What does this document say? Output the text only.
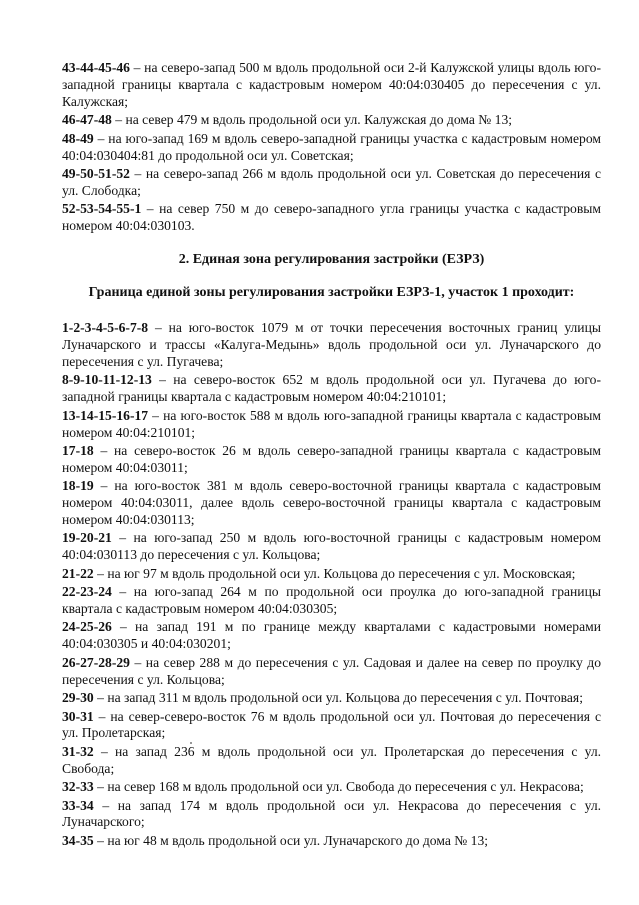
43-44-45-46 – на северо-запад 500 м вдоль продольной оси 2-й Калужской улицы вдоль юго-западной границы квартала с кадастровым номером 40:04:030405 до пересечения с ул. Калужская;

46-47-48 – на север 479 м вдоль продольной оси ул. Калужская до дома № 13;

48-49 – на юго-запад 169 м вдоль северо-западной границы участка с кадастровым номером 40:04:030404:81 до продольной оси ул. Советская;

49-50-51-52 – на северо-запад 266 м вдоль продольной оси ул. Советская до пересечения с ул. Слободка;

52-53-54-55-1 – на север 750 м до северо-западного угла границы участка с кадастровым номером 40:04:030103.

2. Единая зона регулирования застройки (ЕЗРЗ)
Граница единой зоны регулирования застройки ЕЗРЗ-1, участок 1 проходит:

1-2-3-4-5-6-7-8 – на юго-восток 1079 м от точки пересечения восточных границ улицы Луначарского и трассы «Калуга-Медынь» вдоль продольной оси ул. Луначарского до пересечения с ул. Пугачева;

8-9-10-11-12-13 – на северо-восток 652 м вдоль продольной оси ул. Пугачева до юго-западной границы квартала с кадастровым номером 40:04:210101;

13-14-15-16-17 – на юго-восток 588 м вдоль юго-западной границы квартала с кадастровым номером 40:04:210101;

17-18 – на северо-восток 26 м вдоль северо-западной границы квартала с кадастровым номером 40:04:03011;

18-19 – на юго-восток 381 м вдоль северо-восточной границы квартала с кадастровым номером 40:04:03011, далее вдоль северо-восточной границы квартала с кадастровым номером 40:04:030113;

19-20-21 – на юго-запад 250 м вдоль юго-восточной границы с кадастровым номером 40:04:030113 до пересечения с ул. Кольцова;

21-22 – на юг 97 м вдоль продольной оси ул. Кольцова до пересечения с ул. Московская;

22-23-24 – на юго-запад 264 м по продольной оси проулка до юго-западной границы квартала с кадастровым номером 40:04:030305;

24-25-26 – на запад 191 м по границе между кварталами с кадастровыми номерами 40:04:030305 и 40:04:030201;

26-27-28-29 – на север 288 м до пересечения с ул. Садовая и далее на север по проулку до пересечения с ул. Кольцова;

29-30 – на запад 311 м вдоль продольной оси ул. Кольцова до пересечения с ул. Почтовая;

30-31 – на север-северо-восток 76 м вдоль продольной оси ул. Почтовая до пересечения с ул. Пролетарская;

31-32 – на запад 236 м вдоль продольной оси ул. Пролетарская до пересечения с ул. Свобода;

32-33 – на север 168 м вдоль продольной оси ул. Свобода до пересечения с ул. Некрасова;

33-34 – на запад 174 м вдоль продольной оси ул. Некрасова до пересечения с ул. Луначарского;

34-35 – на юг 48 м вдоль продольной оси ул. Луначарского до дома № 13;
